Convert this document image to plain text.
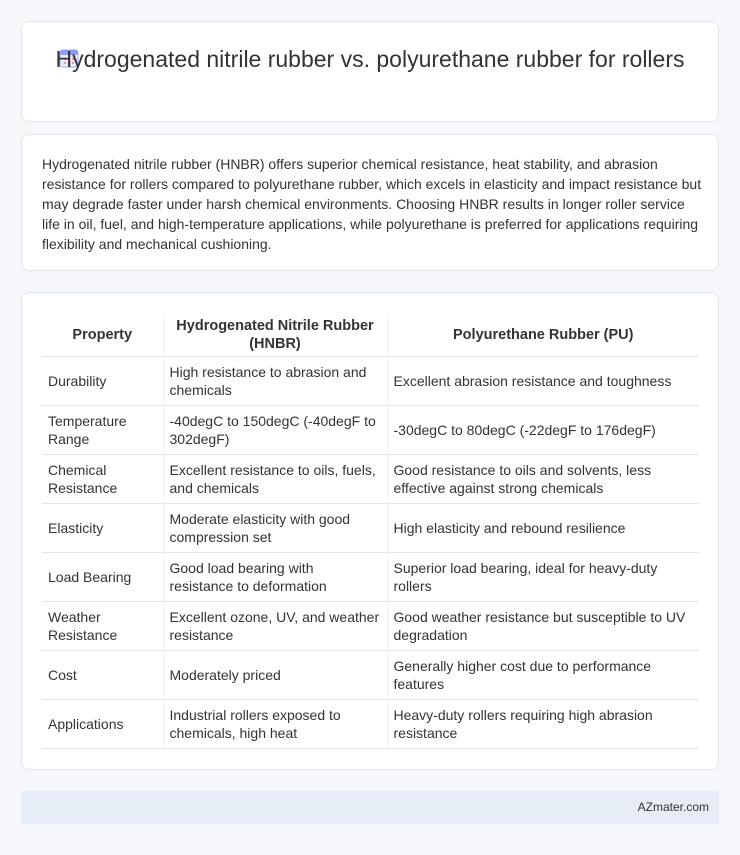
Hydrogenated nitrile rubber vs. polyurethane rubber for rollers

Hydrogenated nitrile rubber (HNBR) offers superior chemical resistance, heat stability, and abrasion resistance for rollers compared to polyurethane rubber, which excels in elasticity and impact resistance but may degrade faster under harsh chemical environments. Choosing HNBR results in longer roller service life in oil, fuel, and high-temperature applications, while polyurethane is preferred for applications requiring flexibility and mechanical cushioning.

Property	Hydrogenated Nitrile Rubber (HNBR)	Polyurethane Rubber (PU)
Durability	High resistance to abrasion and chemicals	Excellent abrasion resistance and toughness
Temperature Range	-40degC to 150degC (-40degF to 302degF)	-30degC to 80degC (-22degF to 176degF)
Chemical Resistance	Excellent resistance to oils, fuels, and chemicals	Good resistance to oils and solvents, less effective against strong chemicals
Elasticity	Moderate elasticity with good compression set	High elasticity and rebound resilience
Load Bearing	Good load bearing with resistance to deformation	Superior load bearing, ideal for heavy-duty rollers
Weather Resistance	Excellent ozone, UV, and weather resistance	Good weather resistance but susceptible to UV degradation
Cost	Moderately priced	Generally higher cost due to performance features
Applications	Industrial rollers exposed to chemicals, high heat	Heavy-duty rollers requiring high abrasion resistance
AZmater.com
